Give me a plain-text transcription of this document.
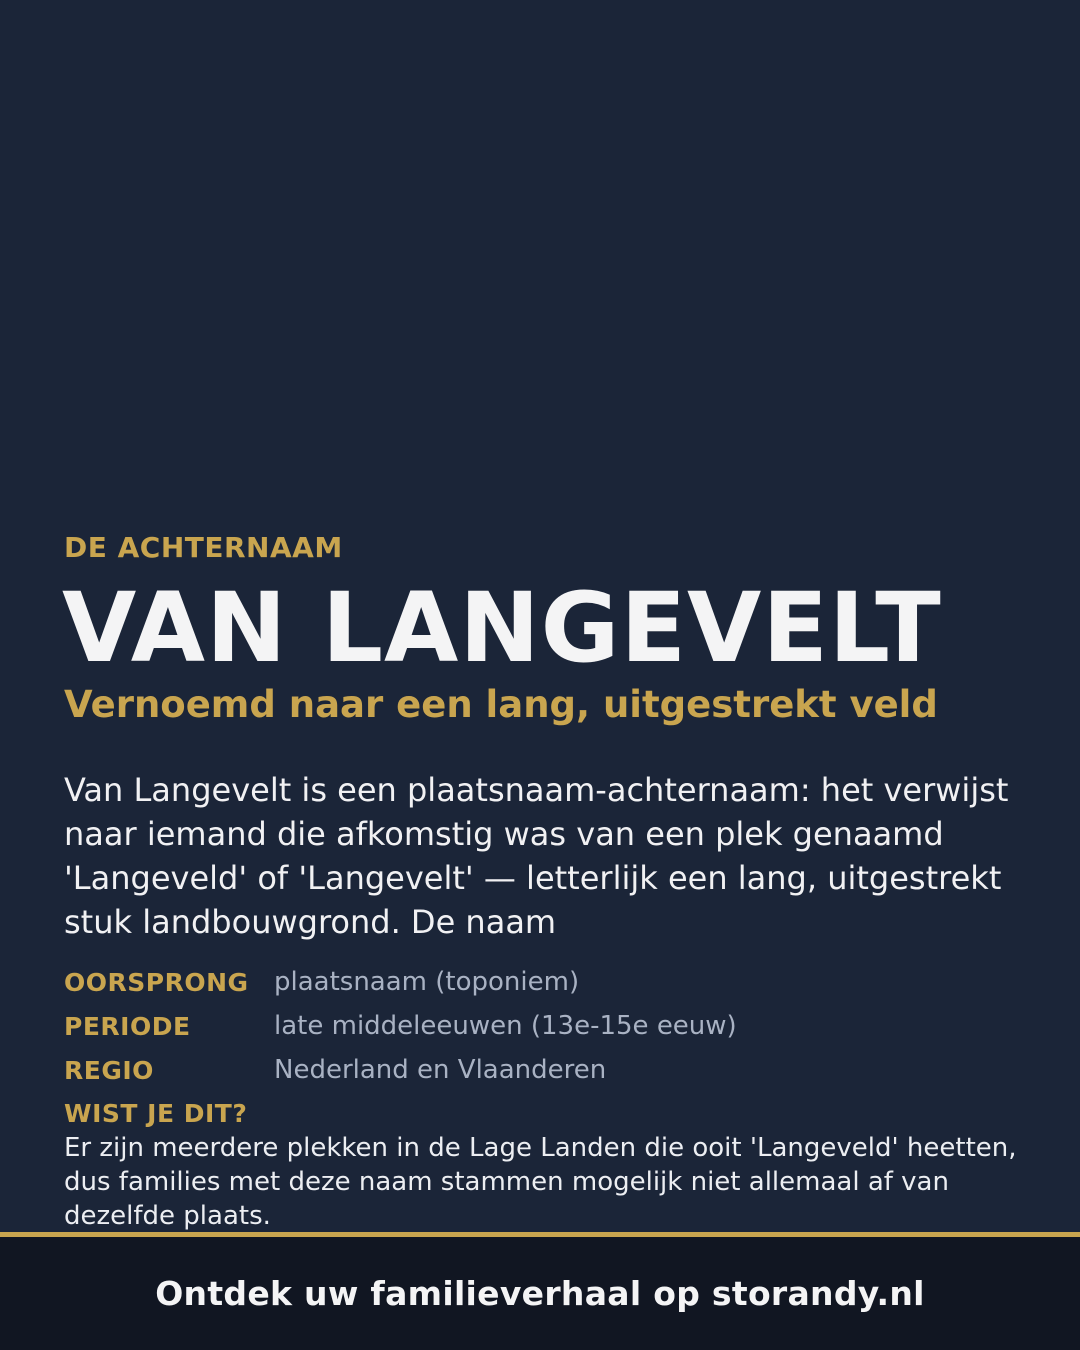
DE ACHTERNAAM
VAN LANGEVELT
Vernoemd naar een lang, uitgestrekt veld
Van Langevelt is een plaatsnaam-achternaam: het verwijst naar iemand die afkomstig was van een plek genaamd 'Langeveld' of 'Langevelt' — letterlijk een lang, uitgestrekt stuk landbouwgrond. De naam
OORSPRONG plaatsnaam (toponiem)
PERIODE	late middeleeuwen (13e-15e eeuw)
REGIO	Nederland en Vlaanderen
WIST JE DIT?
Er zijn meerdere plekken in de Lage Landen die ooit 'Langeveld' heetten, dus families met deze naam stammen mogelijk niet allemaal af van dezelfde plaats.
Ontdek uw familieverhaal op storandy.nl
